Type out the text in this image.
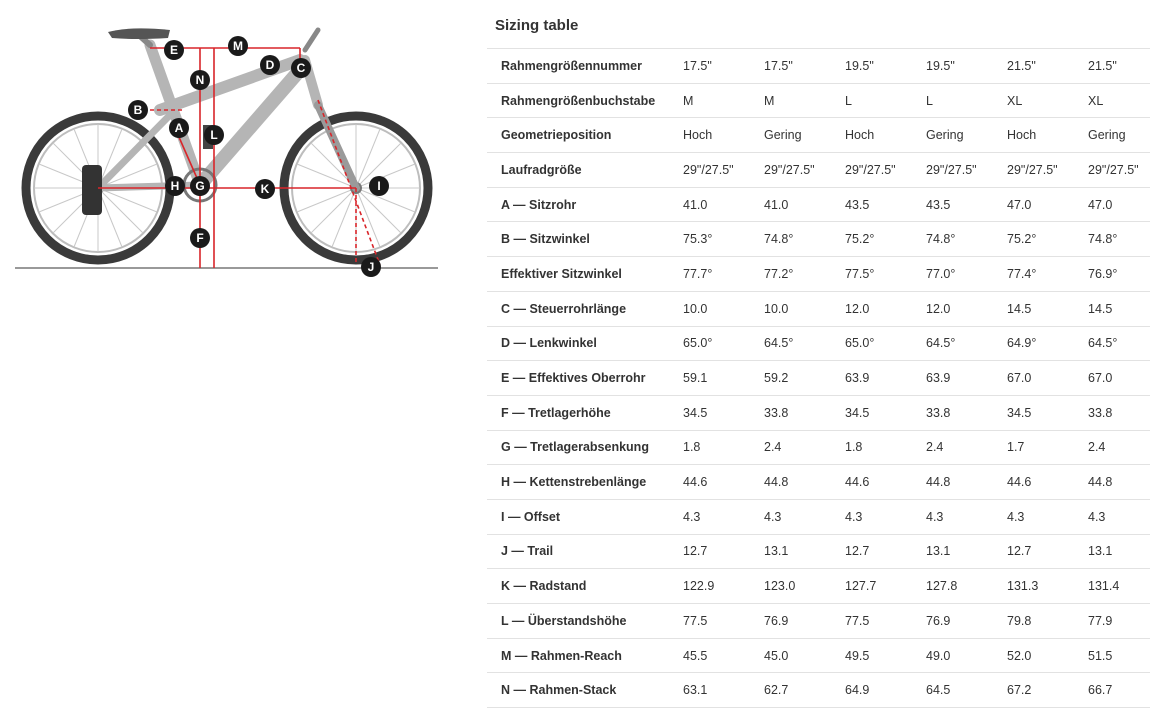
E	M
D C
N
B
A L
H G	K	I
F
J
Sizing table
Rahmengrößennummer	17.5"	17.5"	19.5"	19.5"	21.5"	21.5"
Rahmengrößenbuchstabe	M	M	L	L	XL	XL
Geometrieposition	Hoch	Gering	Hoch	Gering	Hoch	Gering
Laufradgröße	29"/27.5"	29"/27.5"	29"/27.5"	29"/27.5"	29"/27.5"	29"/27.5"
A — Sitzrohr	41.0	41.0	43.5	43.5	47.0	47.0
B — Sitzwinkel	75.3°	74.8°	75.2°	74.8°	75.2°	74.8°
Effektiver Sitzwinkel	77.7°	77.2°	77.5°	77.0°	77.4°	76.9°
C — Steuerrohrlänge	10.0	10.0	12.0	12.0	14.5	14.5
D — Lenkwinkel	65.0°	64.5°	65.0°	64.5°	64.9°	64.5°
E — Effektives Oberrohr	59.1	59.2	63.9	63.9	67.0	67.0
F — Tretlagerhöhe	34.5	33.8	34.5	33.8	34.5	33.8
G — Tretlagerabsenkung	1.8	2.4	1.8	2.4	1.7	2.4
H — Kettenstrebenlänge	44.6	44.8	44.6	44.8	44.6	44.8
I — Offset	4.3	4.3	4.3	4.3	4.3	4.3
J — Trail	12.7	13.1	12.7	13.1	12.7	13.1
K — Radstand	122.9	123.0	127.7	127.8	131.3	131.4
L — Überstandshöhe	77.5	76.9	77.5	76.9	79.8	77.9
M — Rahmen-Reach	45.5	45.0	49.5	49.0	52.0	51.5
N — Rahmen-Stack	63.1	62.7	64.9	64.5	67.2	66.7
